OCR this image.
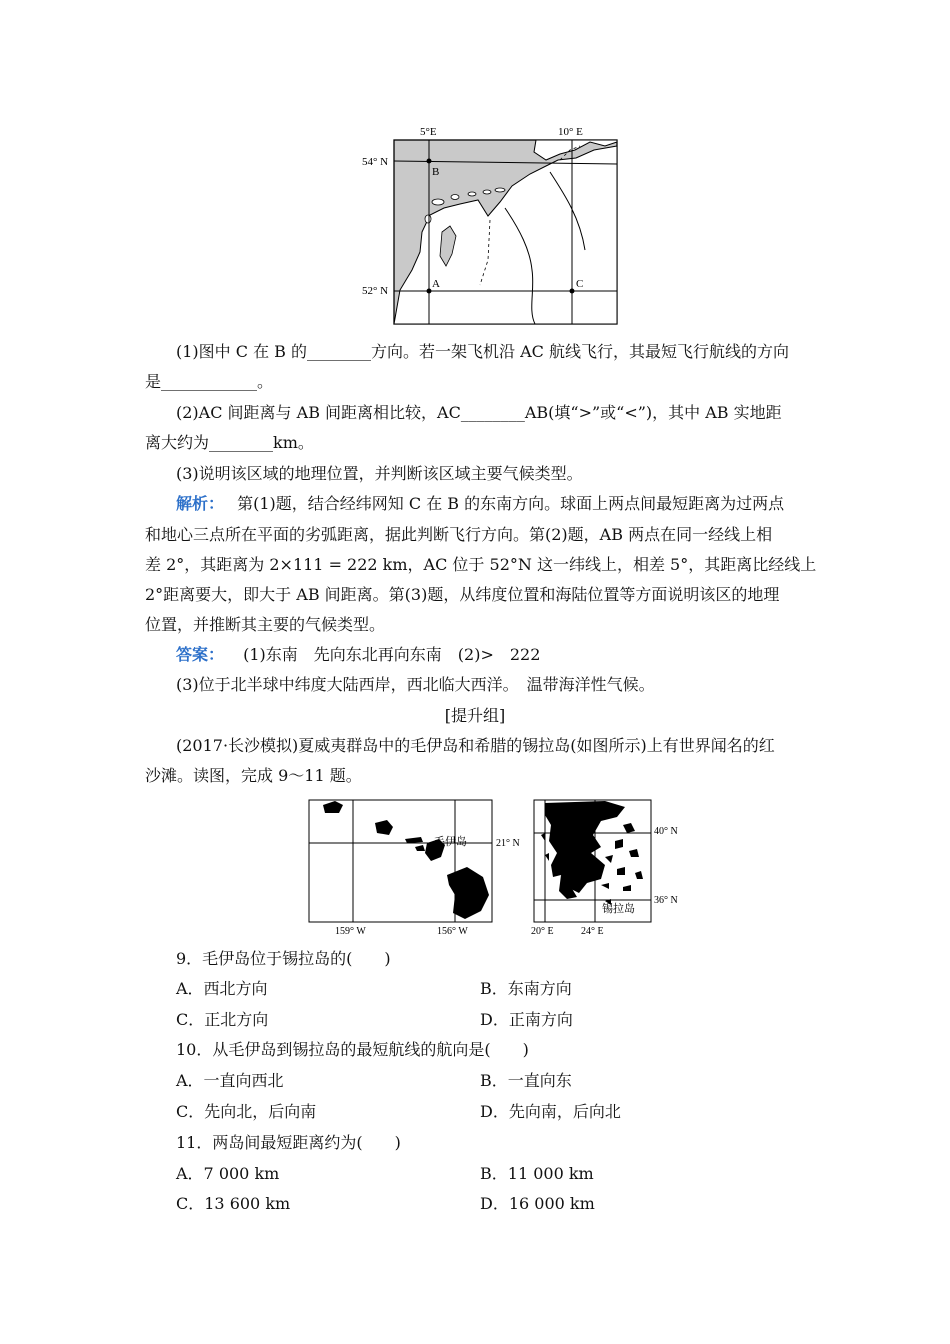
5°E	10° E
54° N
52° N
B
A	C
(1)图中 C 在 B 的________方向。若一架飞机沿 AC 航线飞行，其最短飞行航线的方向
是____________。
(2)AC 间距离与 AB 间距离相比较，AC________AB(填“>”或“<”)，其中 AB 实地距
离大约为________km。
(3)说明该区域的地理位置，并判断该区域主要气候类型。
解析： 第(1)题，结合经纬网知 C 在 B 的东南方向。球面上两点间最短距离为过两点
和地心三点所在平面的劣弧距离，据此判断飞行方向。第(2)题，AB 两点在同一经线上相
差 2°，其距离为 2×111 = 222 km，AC 位于 52°N 这一纬线上，相差 5°，其距离比经线上
2°距离要大，即大于 AB 间距离。第(3)题，从纬度位置和海陆位置等方面说明该区的地理
位置，并推断其主要的气候类型。
答案： (1)东南　先向东北再向东南　(2)>　222
(3)位于北半球中纬度大陆西岸，西北临大西洋。　温带海洋性气候。
[提升组]
(2017·长沙模拟)夏威夷群岛中的毛伊岛和希腊的锡拉岛(如图所示)上有世界闻名的红
沙滩。读图，完成 9～11 题。
毛伊岛	21° N
159° W	156° W
锡拉岛
40° N
36° N
20° E	24° E
9．毛伊岛位于锡拉岛的(　　)
A．西北方向	B．东南方向
C．正北方向	D．正南方向
10．从毛伊岛到锡拉岛的最短航线的航向是(　　)
A．一直向西北	B．一直向东
C．先向北，后向南	D．先向南，后向北
11．两岛间最短距离约为(　　)
A．7 000 km	B．11 000 km
C．13 600 km	D．16 000 km
